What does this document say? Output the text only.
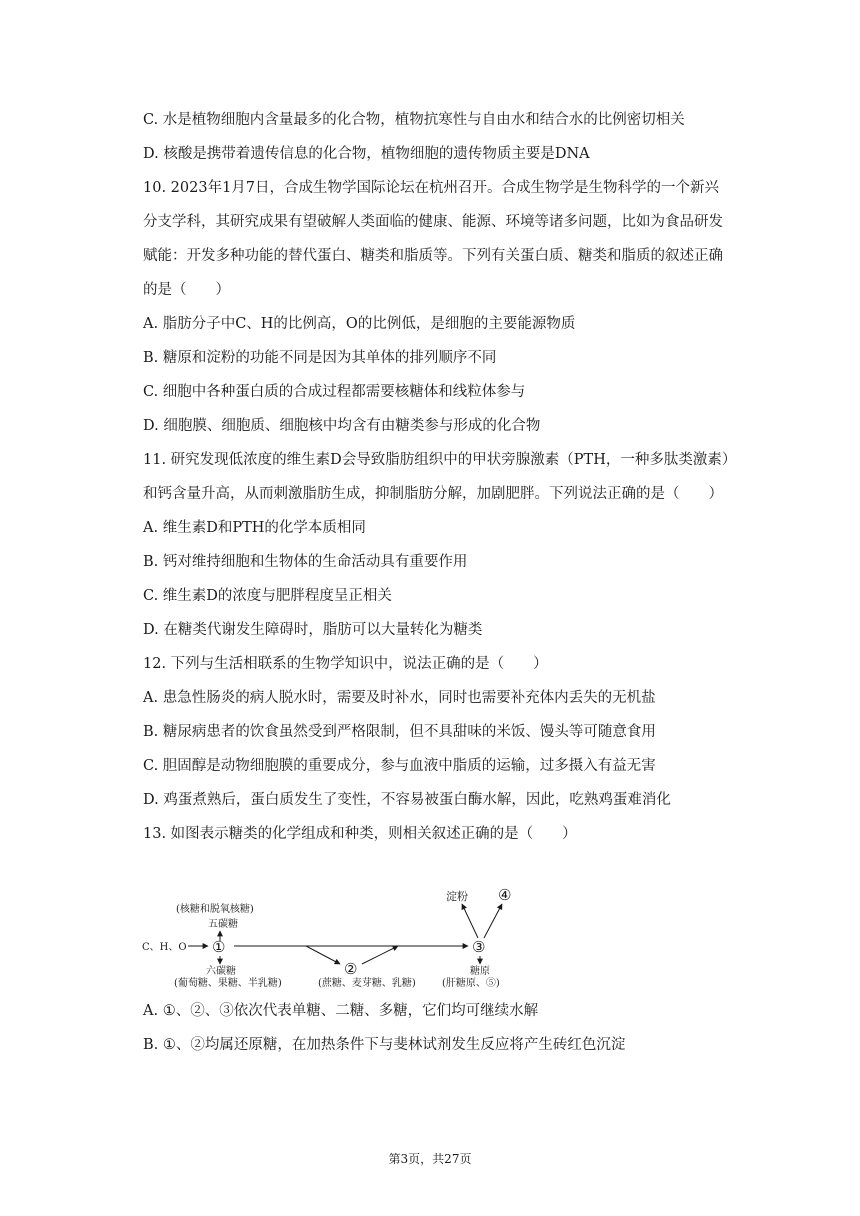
C. 水是植物细胞内含量最多的化合物，植物抗寒性与自由水和结合水的比例密切相关
D. 核酸是携带着遗传信息的化合物，植物细胞的遗传物质主要是DNA
10. 2023年1月7日，合成生物学国际论坛在杭州召开。合成生物学是生物科学的一个新兴
分支学科，其研究成果有望破解人类面临的健康、能源、环境等诸多问题，比如为食品研发
赋能：开发多种功能的替代蛋白、糖类和脂质等。下列有关蛋白质、糖类和脂质的叙述正确
的是（　　）
A. 脂肪分子中C、H的比例高，O的比例低，是细胞的主要能源物质
B. 糖原和淀粉的功能不同是因为其单体的排列顺序不同
C. 细胞中各种蛋白质的合成过程都需要核糖体和线粒体参与
D. 细胞膜、细胞质、细胞核中均含有由糖类参与形成的化合物
11. 研究发现低浓度的维生素D会导致脂肪组织中的甲状旁腺激素（PTH，一种多肽类激素）
和钙含量升高，从而刺激脂肪生成，抑制脂肪分解，加剧肥胖。下列说法正确的是（　　）
A. 维生素D和PTH的化学本质相同
B. 钙对维持细胞和生物体的生命活动具有重要作用
C. 维生素D的浓度与肥胖程度呈正相关
D. 在糖类代谢发生障碍时，脂肪可以大量转化为糖类
12. 下列与生活相联系的生物学知识中，说法正确的是（　　）
A. 患急性肠炎的病人脱水时，需要及时补水，同时也需要补充体内丢失的无机盐
B. 糖尿病患者的饮食虽然受到严格限制，但不具甜味的米饭、馒头等可随意食用
C. 胆固醇是动物细胞膜的重要成分，参与血液中脂质的运输，过多摄入有益无害
D. 鸡蛋煮熟后，蛋白质发生了变性，不容易被蛋白酶水解，因此，吃熟鸡蛋难消化
13. 如图表示糖类的化学组成和种类，则相关叙述正确的是（　　）
C、H、O ①
(核糖和脱氧核糖)
五碳糖
六碳糖
(葡萄糖、果糖、半乳糖)
②
(蔗糖、麦芽糖、乳糖)
③
淀粉 ④
糖原
(肝糖原、⑤)
A. ①、②、③依次代表单糖、二糖、多糖，它们均可继续水解
B. ①、②均属还原糖，在加热条件下与斐林试剂发生反应将产生砖红色沉淀
第3页，共27页
